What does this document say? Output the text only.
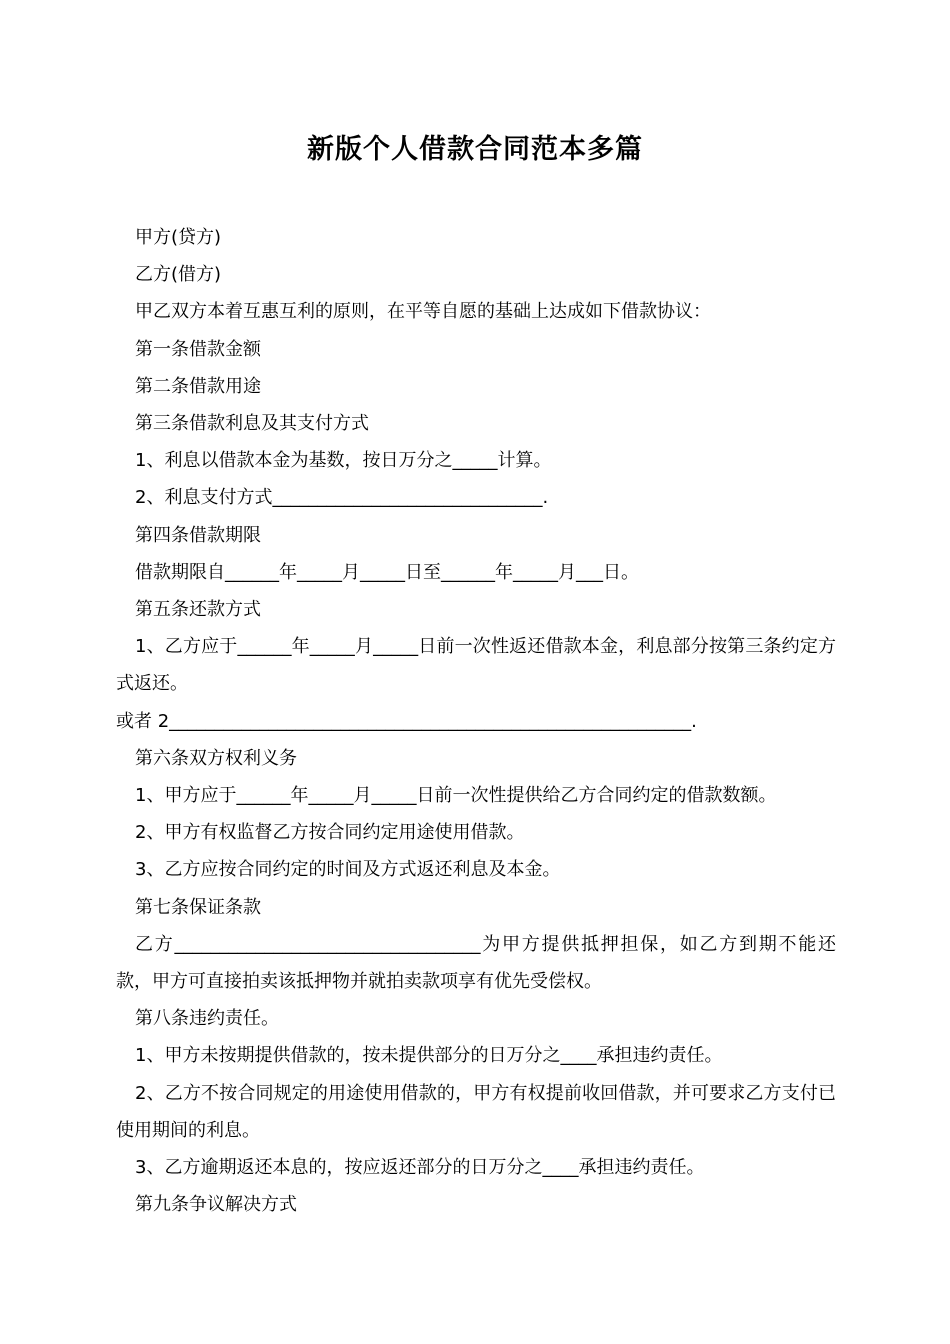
新版个人借款合同范本多篇

甲方(贷方)

乙方(借方)

甲乙双方本着互惠互利的原则，在平等自愿的基础上达成如下借款协议：

第一条借款金额

第二条借款用途

第三条借款利息及其支付方式

1、利息以借款本金为基数，按日万分之_____计算。

2、利息支付方式______________________________.

第四条借款期限

借款期限自______年_____月_____日至______年_____月___日。

第五条还款方式

1、乙方应于______年_____月_____日前一次性返还借款本金，利息部分按第三条约定方式返还。

或者 2__________________________________________________________.

第六条双方权利义务

1、甲方应于______年_____月_____日前一次性提供给乙方合同约定的借款数额。

2、甲方有权监督乙方按合同约定用途使用借款。

3、乙方应按合同约定的时间及方式返还利息及本金。

第七条保证条款

乙方__________________________________为甲方提供抵押担保，如乙方到期不能还款，甲方可直接拍卖该抵押物并就拍卖款项享有优先受偿权。

第八条违约责任。

1、甲方未按期提供借款的，按未提供部分的日万分之____承担违约责任。

2、乙方不按合同规定的用途使用借款的，甲方有权提前收回借款，并可要求乙方支付已使用期间的利息。

3、乙方逾期返还本息的，按应返还部分的日万分之____承担违约责任。

第九条争议解决方式
